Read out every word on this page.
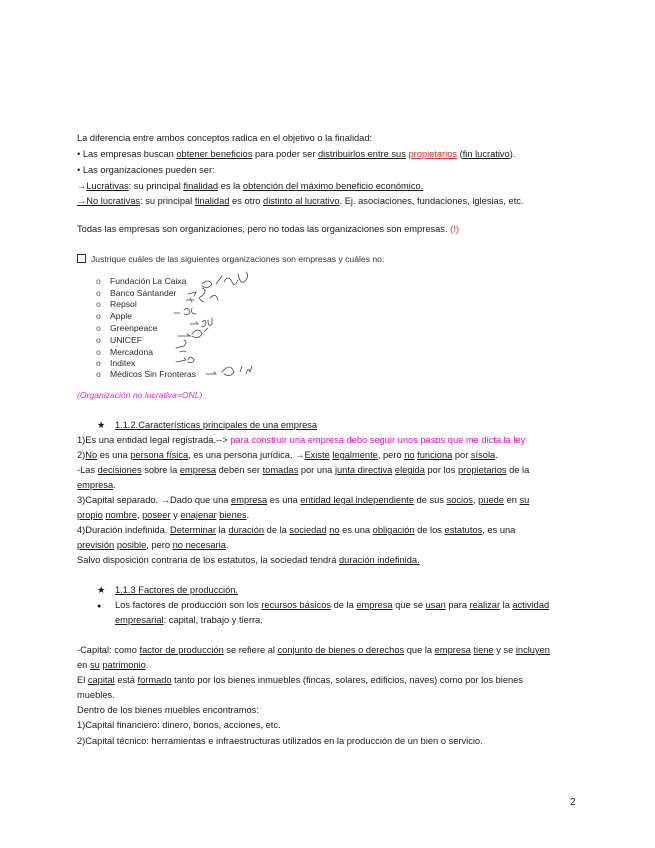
La diferencia entre ambos conceptos radica en el objetivo o la finalidad:
• Las empresas buscan obtener beneficios para poder ser distribuirlos entre sus propietarios (fin lucrativo).
• Las organizaciones pueden ser:
→Lucrativas: su principal finalidad es la obtención del máximo beneficio económico.
→No lucrativas: su principal finalidad es otro distinto al lucrativo. Ej. asociaciones, fundaciones, iglesias, etc.
Todas las empresas son organizaciones, pero no todas las organizaciones son empresas. (!)
Justrique cuáles de las siguientes organizaciones son empresas y cuáles no:
o Fundación La Caixa
o Banco Santander
o Repsol
o Apple
o Greenpeace
o UNICEF
o Mercadona
o Inditex
o Médicos Sin Fronteras
(Organización no lucrativa=ONL)
★ 1.1.2.Características principales de una empresa
1)Es una entidad legal registrada.--> para construir una empresa debo seguir unos pasos que me dicta la ley
2)No es una persona física, es una persona jurídica. →Existe legalmente, pero no funciona por sísola.
-Las decisiones sobre la empresa deben ser tomadas por una junta directiva elegida por los propietarios de la
empresa.
3)Capital separado. →Dado que una empresa es una entidad legal independiente de sus socios, puede en su
propio nombre, poseer y enajenar bienes.
4)Duración indefinida. Determinar la duración de la sociedad no es una obligación de los estatutos, es una
previsión posible, pero no necesaria.
Salvo disposición contraria de los estatutos, la sociedad tendrá duración indefinida.
★ 1.1.3 Factores de producción.
● Los factores de producción son los recursos básicos de la empresa que se usan para realizar la actividad
empresarial: capital, trabajo y tierra.
-Capital: como factor de producción se refiere al conjunto de bienes o derechos que la empresa tiene y se incluyen
en su patrimonio.
El capital está formado tanto por los bienes inmuebles (fincas, solares, edificios, naves) como por los bienes
muebles.
Dentro de los bienes muebles encontramos:
1)Capital financiero: dinero, bonos, acciones, etc.
2)Capital técnico: herramientas e infraestructuras utilizados en la producción de un bien o servicio.
2
